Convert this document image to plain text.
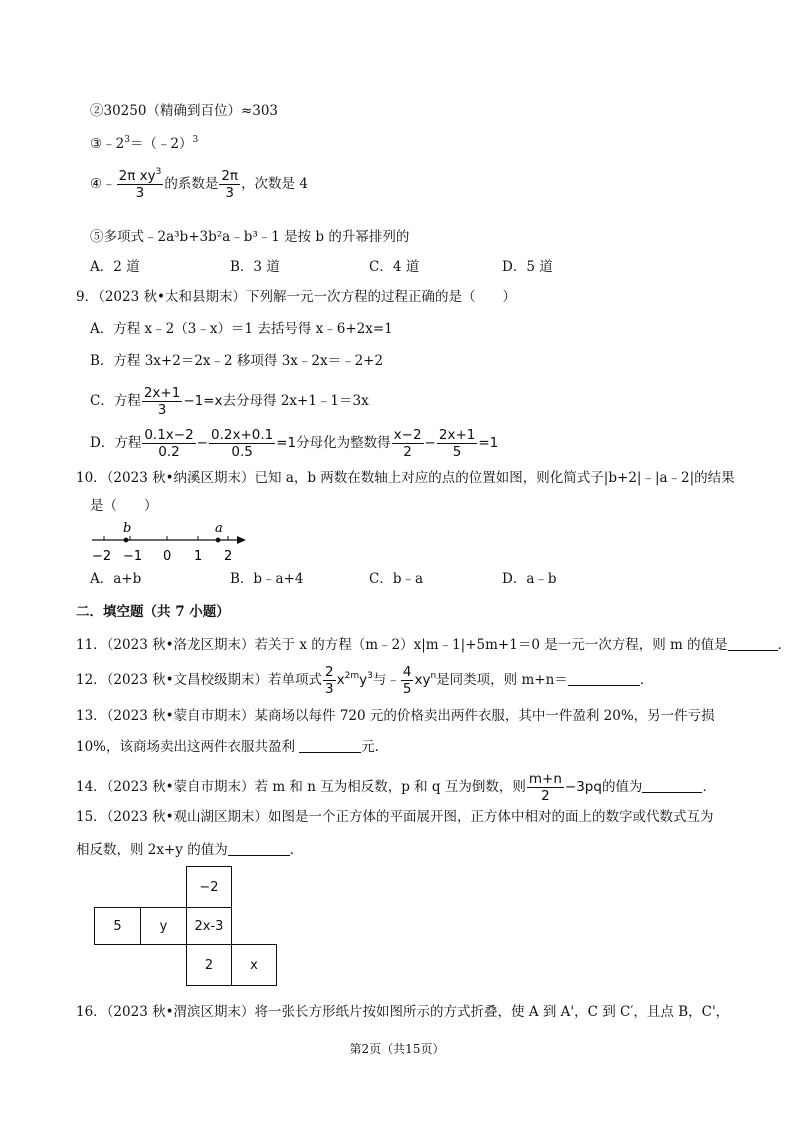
②30250（精确到百位）≈303
$③﹣2^3=(﹣2)^3$
④﹣ $\frac{2\pi xy^3}{3}$ 的系数是 $\frac{2\pi}{3}$ ，次数是 4
⑤多项式﹣2a³b+3b²a﹣b³﹣1 是按 b 的升幂排列的
A．2 道	B．3 道	C．4 道	D．5 道
9．（2023 秋•太和县期末）下列解一元一次方程的过程正确的是（　　）
A．方程 x﹣2（3﹣x）＝1 去括号得 x﹣6+2x=1
B．方程 3x+2＝2x﹣2 移项得 3x﹣2x＝﹣2+2
C．方程 $\frac{2x+1}{3} -1=x$去分母得 2x+1﹣1＝3x
D．方程 $\frac{0.1x-2}{0.2} - \frac{0.2x+0.1}{0.5} =1$分母化为整数得 $\frac{x-2}{2} - \frac{2x+1}{5} =1$
10．（2023 秋•纳溪区期末）已知 a，b 两数在数轴上对应的点的位置如图，则化简式子|b+2|﹣|a﹣2|的结果
是（　　）
b	a
−2 −1 0 1 2
A．a+b	B．b﹣a+4	C．b﹣a	D．a﹣b
二．填空题（共 7 小题）
11．（2023 秋•洛龙区期末）若关于 x 的方程（m﹣2）x|m﹣1|+5m+1＝0 是一元一次方程，则 m 的值是	．
12．（2023 秋•文昌校级期末）若单项式 $\frac{2}{3} x^{2m}y^3$与﹣ $\frac{4}{5} xy^n$是同类项，则 m+n＝	．
13．（2023 秋•蒙自市期末）某商场以每件 720 元的价格卖出两件衣服，其中一件盈利 20%，另一件亏损
10%，该商场卖出这两件衣服共盈利	元．
14．（2023 秋•蒙自市期末）若 m 和 n 互为相反数，p 和 q 互为倒数，则 $\frac{m+n}{2} -3pq$的值为	．
15．（2023 秋•观山湖区期末）如图是一个正方体的平面展开图，正方体中相对的面上的数字或代数式互为
相反数，则 2x+y 的值为	．
−2
5	y	2x-3
2	x
16．（2023 秋•渭滨区期末）将一张长方形纸片按如图所示的方式折叠，使 A 到 A'，C 到 C′，且点 B，C'，
第2页（共15页）
